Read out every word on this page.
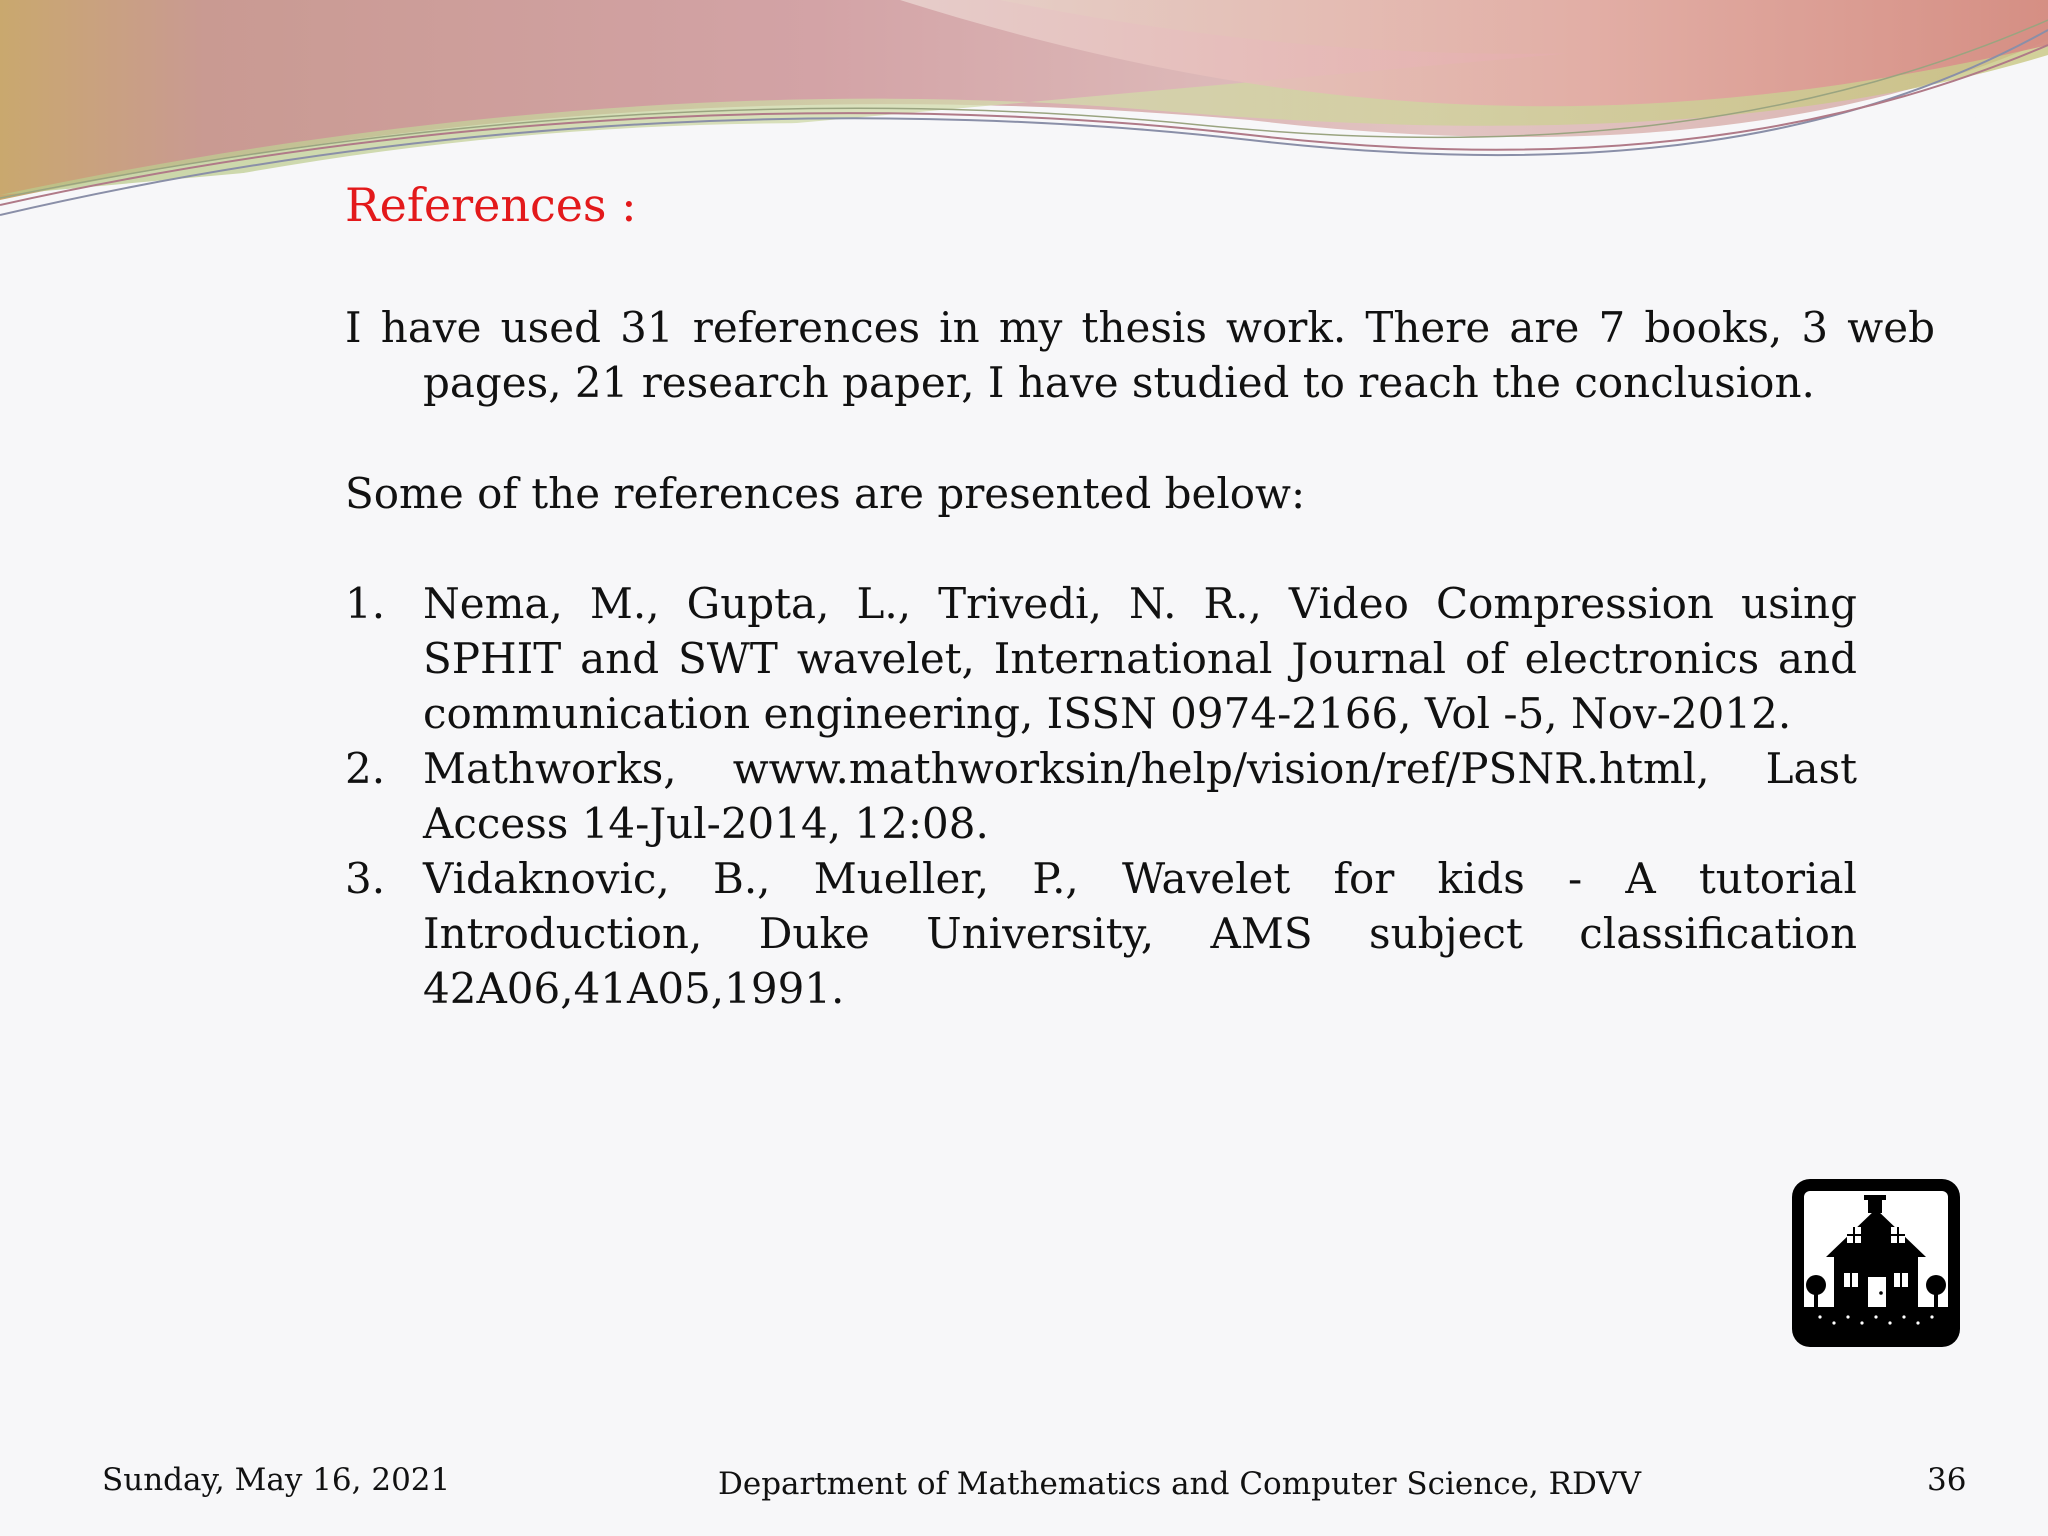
References :
I have used 31 references in my thesis work. There are 7 books, 3 web pages, 21 research paper, I have studied to reach the conclusion.
Some of the references are presented below:
1. Nema, M., Gupta, L., Trivedi, N. R., Video Compression using SPHIT and SWT wavelet, International Journal of electronics and communication engineering, ISSN 0974-2166, Vol -5, Nov-2012.
2. Mathworks, www.mathworksin/help/vision/ref/PSNR.html, Last Access 14-Jul-2014, 12:08.
3. Vidaknovic, B., Mueller, P., Wavelet for kids - A tutorial Introduction, Duke University, AMS subject classification 42A06,41A05,1991.
Sunday, May 16, 2021	Department of Mathematics and Computer Science, RDVV	36
